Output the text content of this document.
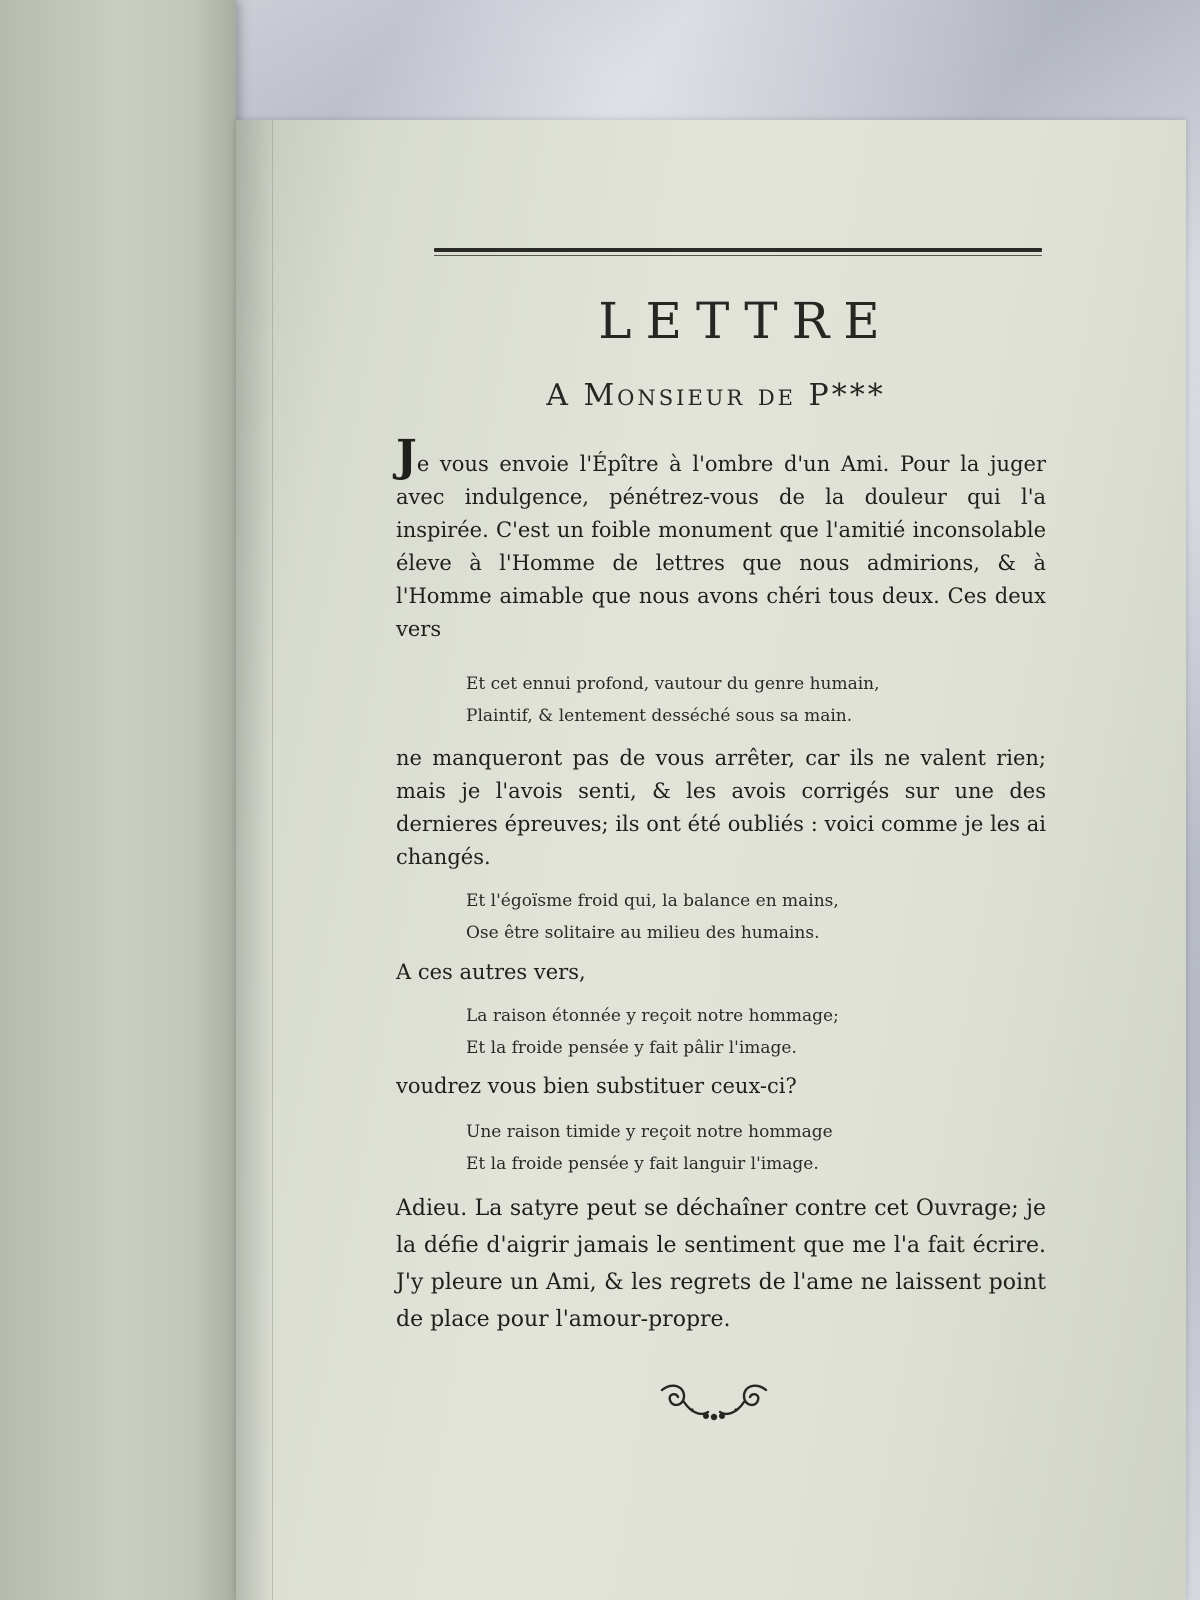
LETTRE
A Monsieur de P***

Je vous envoie l'Épître à l'ombre d'un Ami. Pour la juger avec indulgence, pénétrez-vous de la douleur qui l'a inspirée. C'est un foible monument que l'amitié inconsolable éleve à l'Homme de lettres que nous admirions, & à l'Homme aimable que nous avons chéri tous deux. Ces deux vers

Et cet ennui profond, vautour du genre humain,
Plaintif, & lentement desséché sous sa main.

ne manqueront pas de vous arrêter, car ils ne valent rien; mais je l'avois senti, & les avois corrigés sur une des dernieres épreuves; ils ont été oubliés : voici comme je les ai changés.

Et l'égoïsme froid qui, la balance en mains,
Ose être solitaire au milieu des humains.

A ces autres vers,

La raison étonnée y reçoit notre hommage;
Et la froide pensée y fait pâlir l'image.

voudrez vous bien substituer ceux-ci?

Une raison timide y reçoit notre hommage
Et la froide pensée y fait languir l'image.

Adieu. La satyre peut se déchaîner contre cet Ouvrage; je la défie d'aigrir jamais le sentiment que me l'a fait écrire. J'y pleure un Ami, & les regrets de l'ame ne laissent point de place pour l'amour-propre.
